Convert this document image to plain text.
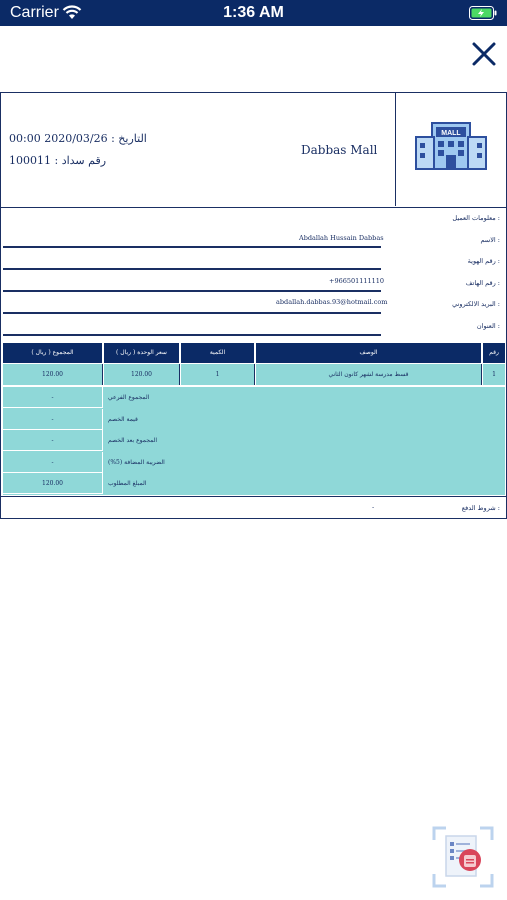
Carrier	1:36 AM
MALL
Dabbas Mall
التاريخ : 2020/03/26 00:00
رقم سداد : 100011
معلومات العميل :
الاسم :
Abdallah Hussain Dabbas
رقم الهوية :
رقم الهاتف :
+966501111110
البريد الالكتروني :
abdallah.dabbas.93@hotmail.com
العنوان :
المجموع ( ريال )	سعر الوحدة ( ريال )	الكمية	الوصف	رقم
120.00	120.00	1	قسط مدرسة لشهر كانون الثاني	1
-	المجموع الفرعي
-	قيمة الخصم
-	المجموع بعد الخصم
-	الضريبة المضافة (5%)
120.00	المبلغ المطلوب
شروط الدفع :
-
